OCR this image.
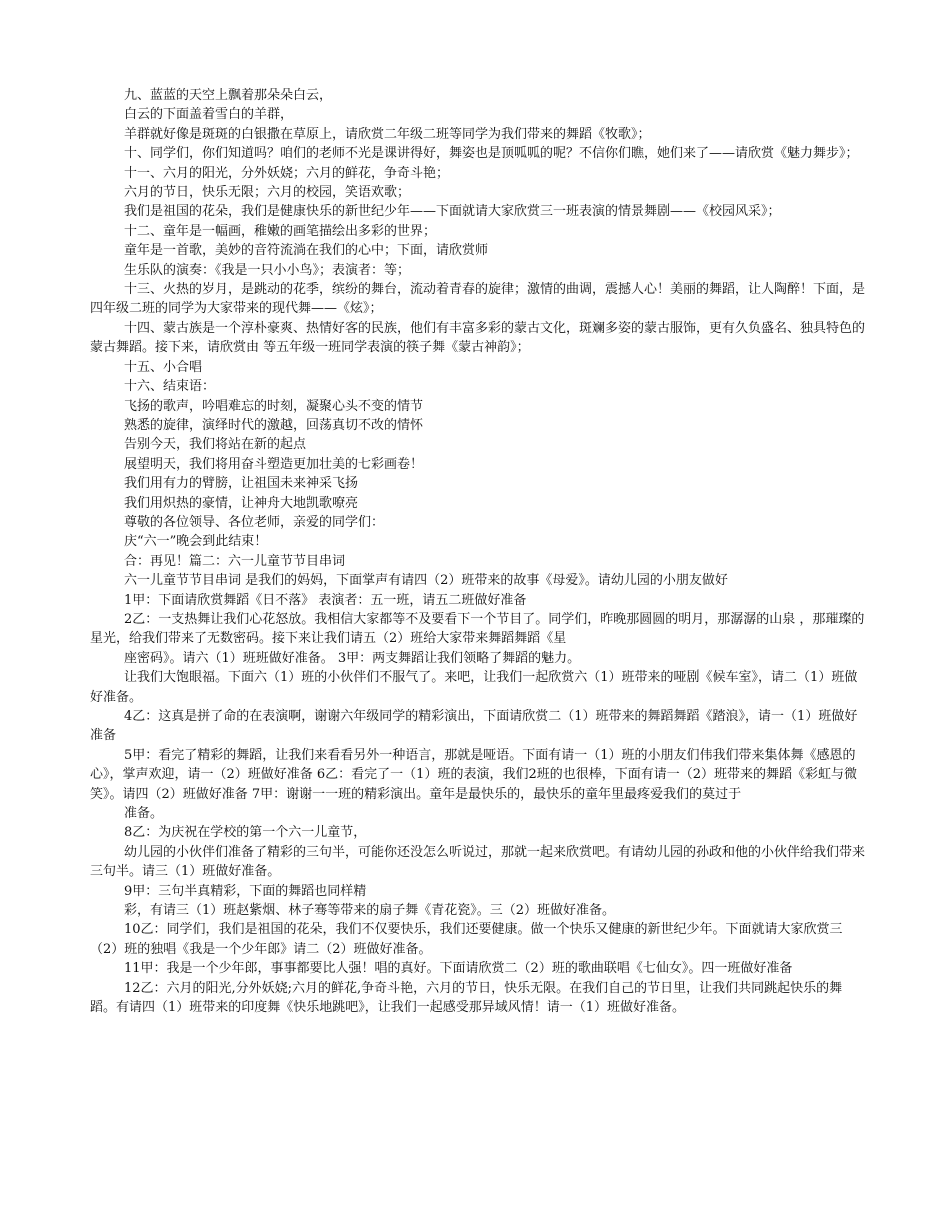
九、蓝蓝的天空上飘着那朵朵白云，

白云的下面盖着雪白的羊群，

羊群就好像是斑斑的白银撒在草原上，请欣赏二年级二班等同学为我们带来的舞蹈《牧歌》；

十、同学们，你们知道吗？咱们的老师不光是课讲得好，舞姿也是顶呱呱的呢？不信你们瞧，她们来了——请欣赏《魅力舞步》；

十一、六月的阳光，分外妖娆；六月的鲜花，争奇斗艳；

六月的节日，快乐无限；六月的校园，笑语欢歌；

我们是祖国的花朵，我们是健康快乐的新世纪少年——下面就请大家欣赏三一班表演的情景舞剧——《校园风采》；

十二、童年是一幅画，稚嫩的画笔描绘出多彩的世界；

童年是一首歌，美妙的音符流淌在我们的心中；下面，请欣赏师

生乐队的演奏：《我是一只小小鸟》；表演者：等；

十三、火热的岁月，是跳动的花季，缤纷的舞台，流动着青春的旋律；激情的曲调，震撼人心！美丽的舞蹈，让人陶醉！下面，是四年级二班的同学为大家带来的现代舞——《炫》；

十四、蒙古族是一个淳朴豪爽、热情好客的民族，他们有丰富多彩的蒙古文化，斑斓多姿的蒙古服饰，更有久负盛名、独具特色的蒙古舞蹈。接下来，请欣赏由 等五年级一班同学表演的筷子舞《蒙古神韵》；

十五、小合唱

十六、结束语：

飞扬的歌声，吟唱难忘的时刻，凝聚心头不变的情节

熟悉的旋律，演绎时代的激越，回荡真切不改的情怀

告别今天，我们将站在新的起点

展望明天，我们将用奋斗塑造更加壮美的七彩画卷！

我们用有力的臂膀，让祖国未来神采飞扬

我们用炽热的豪情，让神舟大地凯歌嘹亮

尊敬的各位领导、各位老师，亲爱的同学们：

庆“六一”晚会到此结束！

合：再见！篇二：六一儿童节节目串词

六一儿童节节目串词 是我们的妈妈，下面掌声有请四（2）班带来的故事《母爱》。请幼儿园的小朋友做好

1甲：下面请欣赏舞蹈《日不落》 表演者：五一班，请五二班做好准备

2乙：一支热舞让我们心花怒放。我相信大家都等不及要看下一个节目了。同学们，昨晚那圆圆的明月，那潺潺的山泉 ，那璀璨的星光，给我们带来了无数密码。接下来让我们请五（2）班给大家带来舞蹈舞蹈《星

座密码》。请六（1）班班做好准备。 3甲：两支舞蹈让我们领略了舞蹈的魅力。

让我们大饱眼福。下面六（1）班的小伙伴们不服气了。来吧，让我们一起欣赏六（1）班带来的哑剧《候车室》，请二（1）班做好准备。

4乙：这真是拼了命的在表演啊，谢谢六年级同学的精彩演出，下面请欣赏二（1）班带来的舞蹈舞蹈《踏浪》，请一（1）班做好准备

5甲：看完了精彩的舞蹈，让我们来看看另外一种语言，那就是哑语。下面有请一（1）班的小朋友们伟我们带来集体舞《感恩的心》，掌声欢迎，请一（2）班做好准备 6乙：看完了一（1）班的表演，我们2班的也很棒，下面有请一（2）班带来的舞蹈《彩虹与微笑》。请四（2）班做好准备 7甲：谢谢一一班的精彩演出。童年是最快乐的，最快乐的童年里最疼爱我们的莫过于

准备。

8乙：为庆祝在学校的第一个六一儿童节，

幼儿园的小伙伴们准备了精彩的三句半，可能你还没怎么听说过，那就一起来欣赏吧。有请幼儿园的孙政和他的小伙伴给我们带来三句半。请三（1）班做好准备。

9甲：三句半真精彩，下面的舞蹈也同样精

彩，有请三（1）班赵紫烟、林子骞等带来的扇子舞《青花瓷》。三（2）班做好准备。

10乙：同学们，我们是祖国的花朵，我们不仅要快乐，我们还要健康。做一个快乐又健康的新世纪少年。下面就请大家欣赏三（2）班的独唱《我是一个少年郎》请二（2）班做好准备。

11甲：我是一个少年郎，事事都要比人强！唱的真好。下面请欣赏二（2）班的歌曲联唱《七仙女》。四一班做好准备

12乙：六月的阳光,分外妖娆;六月的鲜花,争奇斗艳，六月的节日，快乐无限。在我们自己的节日里，让我们共同跳起快乐的舞蹈。有请四（1）班带来的印度舞《快乐地跳吧》，让我们一起感受那异域风情！请一（1）班做好准备。
